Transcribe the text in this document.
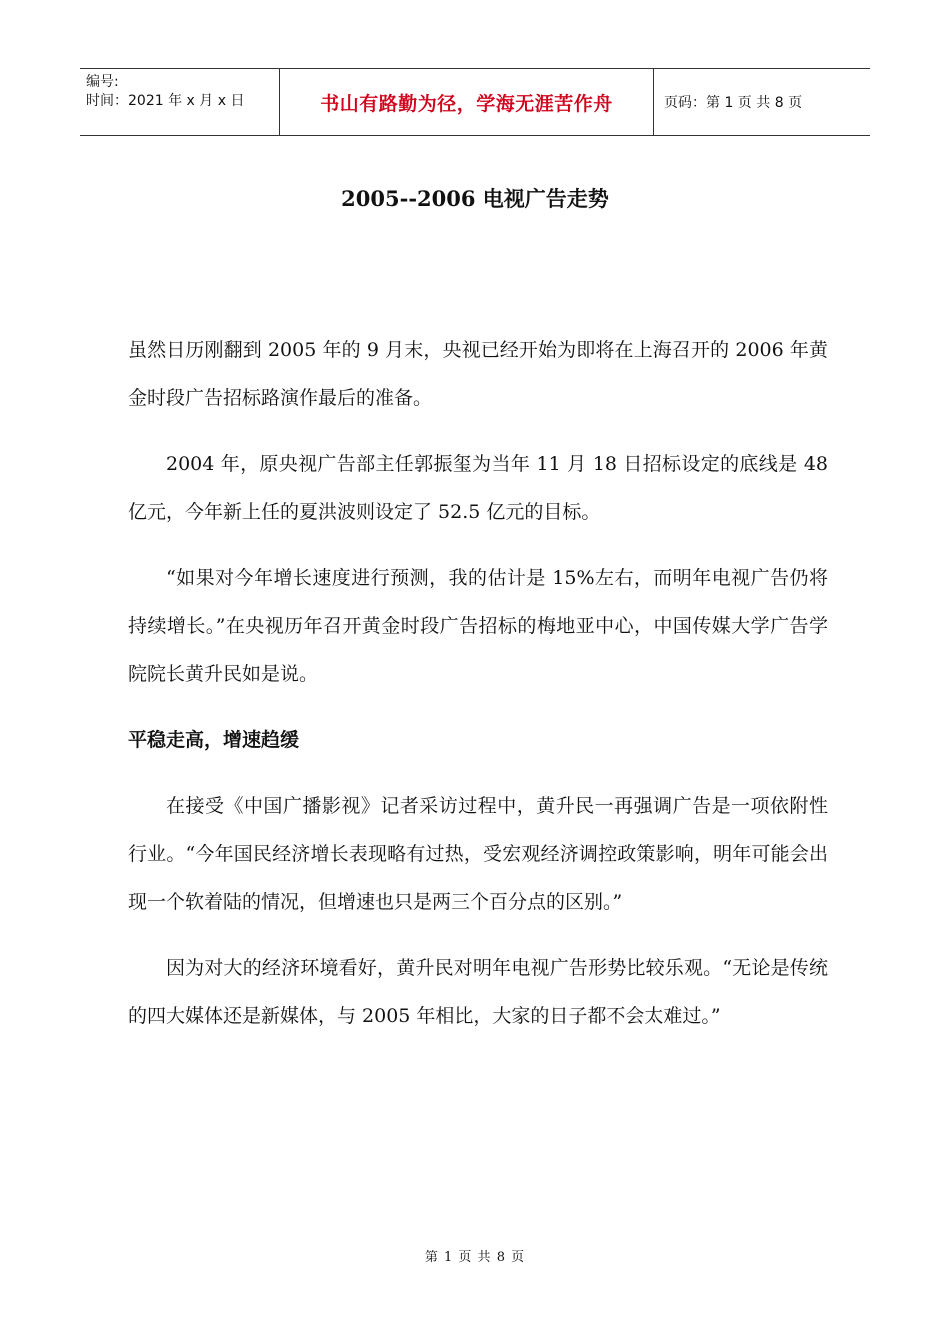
编号:
时间：2021 年 x 月 x 日	书山有路勤为径，学海无涯苦作舟	页码：第 1 页 共 8 页
2005--2006 电视广告走势

虽然日历刚翻到 2005 年的 9 月末，央视已经开始为即将在上海召开的 2006 年黄金时段广告招标路演作最后的准备。

2004 年，原央视广告部主任郭振玺为当年 11 月 18 日招标设定的底线是 48 亿元，今年新上任的夏洪波则设定了 52.5 亿元的目标。

“如果对今年增长速度进行预测，我的估计是 15%左右，而明年电视广告仍将持续增长。”在央视历年召开黄金时段广告招标的梅地亚中心，中国传媒大学广告学院院长黄升民如是说。

平稳走高，增速趋缓

在接受《中国广播影视》记者采访过程中，黄升民一再强调广告是一项依附性行业。“今年国民经济增长表现略有过热，受宏观经济调控政策影响，明年可能会出现一个软着陆的情况，但增速也只是两三个百分点的区别。”

因为对大的经济环境看好，黄升民对明年电视广告形势比较乐观。“无论是传统的四大媒体还是新媒体，与 2005 年相比，大家的日子都不会太难过。”

第 1 页 共 8 页
